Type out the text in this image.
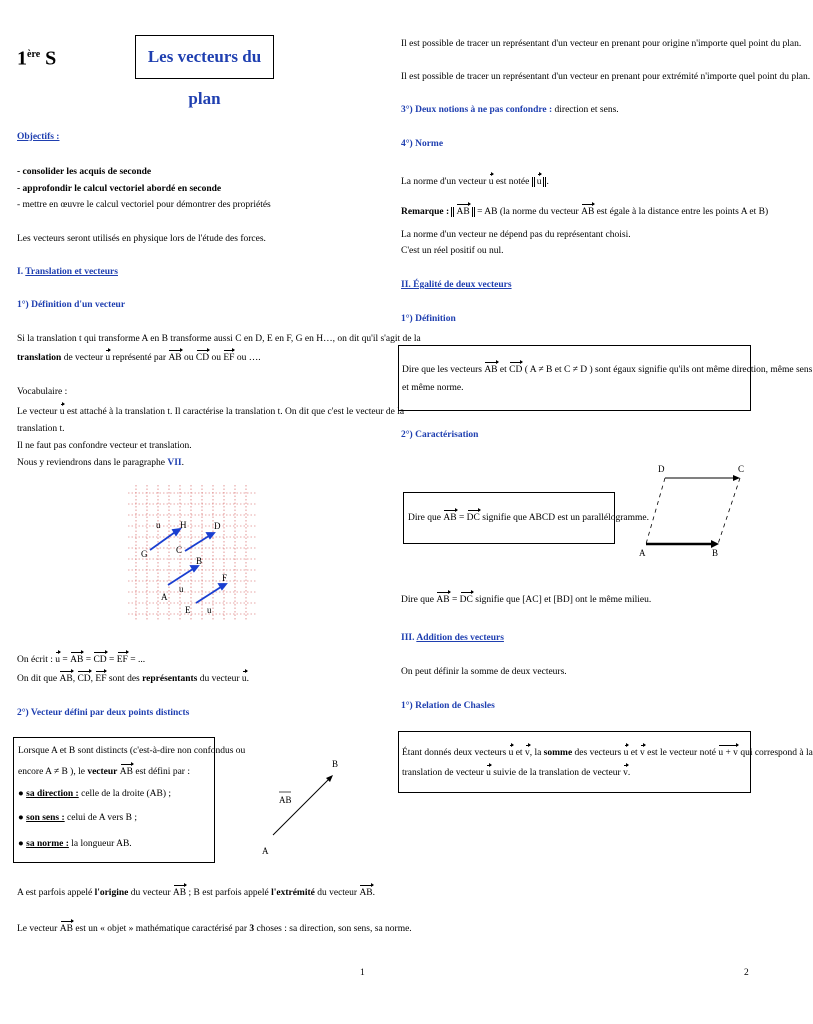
1ère S	Les vecteurs du plan
Objectifs :
- consolider les acquis de seconde
- approfondir le calcul vectoriel abordé en seconde
- mettre en œuvre le calcul vectoriel pour démontrer des propriétés
Les vecteurs seront utilisés en physique lors de l'étude des forces.
I. Translation et vecteurs
1°) Définition d'un vecteur
Si la translation t qui transforme A en B transforme aussi C en D, E en F, G en H…, on dit qu'il s'agit de la
translation de vecteur u représenté par AB ou CD ou EF ou ….
Vocabulaire :
Le vecteur u est attaché à la translation t. Il caractérise la translation t. On dit que c'est le vecteur de la
translation t.
Il ne faut pas confondre vecteur et translation.
Nous y reviendrons dans le paragraphe VII.
u H	D
G	C
B
F
A
u
E u
On écrit : u = AB = CD = EF = ...
On dit que AB, CD, EF sont des représentants du vecteur u.
2°) Vecteur défini par deux points distincts
Lorsque A et B sont distincts (c'est-à-dire non confondus ou
encore A ≠ B ), le vecteur AB est défini par :
● sa direction : celle de la droite (AB) ;
● son sens : celui de A vers B ;
● sa norme : la longueur AB.
B
AB
A
A est parfois appelé l'origine du vecteur AB ; B est parfois appelé l'extrémité du vecteur AB.
Le vecteur AB est un « objet » mathématique caractérisé par 3 choses : sa direction, son sens, sa norme.
1
Il est possible de tracer un représentant d'un vecteur en prenant pour origine n'importe quel point du plan.
Il est possible de tracer un représentant d'un vecteur en prenant pour extrémité n'importe quel point du plan.
3°) Deux notions à ne pas confondre : direction et sens.
4°) Norme
La norme d'un vecteur u est notée u .
Remarque : AB = AB (la norme du vecteur AB est égale à la distance entre les points A et B)
La norme d'un vecteur ne dépend pas du représentant choisi.
C'est un réel positif ou nul.
II. Égalité de deux vecteurs
1°) Définition
Dire que les vecteurs AB et CD ( A ≠ B et C ≠ D ) sont égaux signifie qu'ils ont même direction, même sens
et même norme.
2°) Caractérisation
Dire que AB = DC signifie que ABCD est un parallélogramme.
D	C
A	B
Dire que AB = DC signifie que [AC] et [BD] ont le même milieu.
III. Addition des vecteurs
On peut définir la somme de deux vecteurs.
1°) Relation de Chasles
Étant donnés deux vecteurs u et v, la somme des vecteurs u et v est le vecteur noté u + v qui correspond à la
translation de vecteur u suivie de la translation de vecteur v.
2
